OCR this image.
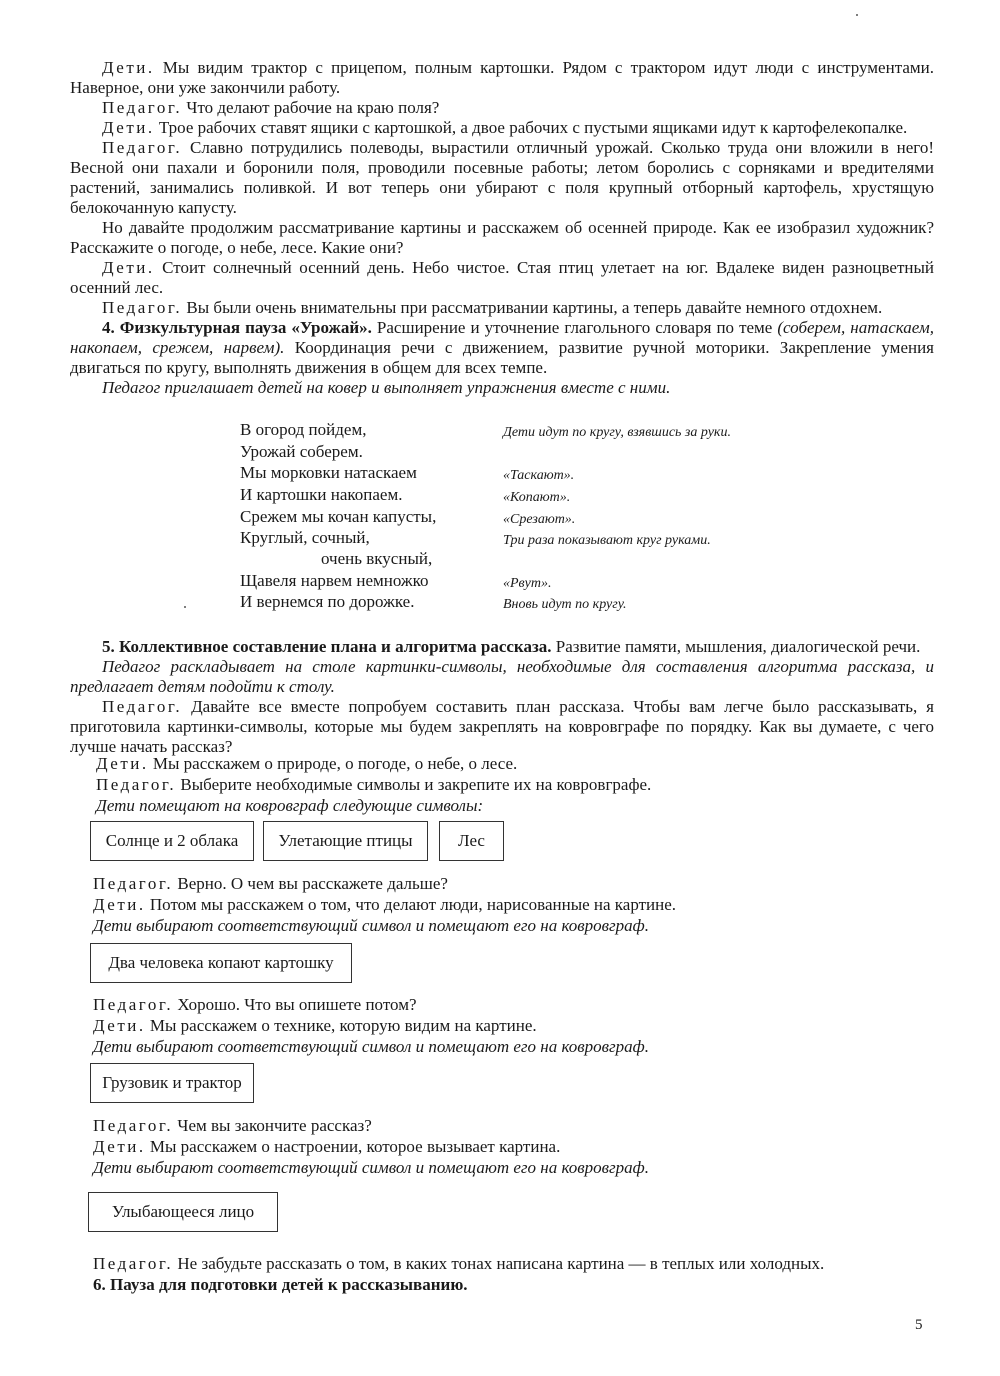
Дети. Мы видим трактор с прицепом, полным картошки. Рядом с трактором идут люди с инструментами. Наверное, они уже закончили работу.

Педагог. Что делают рабочие на краю поля?

Дети. Трое рабочих ставят ящики с картошкой, а двое рабочих с пустыми ящиками идут к картофелекопалке.

Педагог. Славно потрудились полеводы, вырастили отличный урожай. Сколько труда они вложили в него! Весной они пахали и боронили поля, проводили посевные работы; летом боролись с сорняками и вредителями растений, занимались поливкой. И вот теперь они убирают с поля крупный отборный картофель, хрустящую белокочанную капусту.

Но давайте продолжим рассматривание картины и расскажем об осенней природе. Как ее изобразил художник? Расскажите о погоде, о небе, лесе. Какие они?

Дети. Стоит солнечный осенний день. Небо чистое. Стая птиц улетает на юг. Вдалеке виден разноцветный осенний лес.

Педагог. Вы были очень внимательны при рассматривании картины, а теперь давайте немного отдохнем.

4. Физкультурная пауза «Урожай». Расширение и уточнение глагольного словаря по теме (соберем, натаскаем, накопаем, срежем, нарвем). Координация речи с движением, развитие ручной моторики. Закрепление умения двигаться по кругу, выполнять движения в общем для всех темпе.

Педагог приглашает детей на ковер и выполняет упражнения вместе с ними.

В огород пойдем,
Урожай соберем.
Мы морковки натаскаем
И картошки накопаем.
Срежем мы кочан капусты,
Круглый, сочный,
очень вкусный,
Щавеля нарвем немножко
И вернемся по дорожке.
Дети идут по кругу, взявшись за руки.
«Таскают».
«Копают».
«Срезают».
Три раза показывают круг руками.
«Рвут».
Вновь идут по кругу.

5. Коллективное составление плана и алгоритма рассказа. Развитие памяти, мышления, диалогической речи.

Педагог раскладывает на столе картинки-символы, необходимые для составления алгоритма рассказа, и предлагает детям подойти к столу.

Педагог. Давайте все вместе попробуем составить план рассказа. Чтобы вам легче было рассказывать, я приготовила картинки-символы, которые мы будем закреплять на ковровграфе по порядку. Как вы думаете, с чего лучше начать рассказ?

Дети. Мы расскажем о природе, о погоде, о небе, о лесе.
Педагог. Выберите необходимые символы и закрепите их на ковровграфе.
Дети помещают на ковровграф следующие символы:
Солнце и 2 облака	Улетающие птицы	Лес
Педагог. Верно. О чем вы расскажете дальше?
Дети. Потом мы расскажем о том, что делают люди, нарисованные на картине.
Дети выбирают соответствующий символ и помещают его на ковровграф.
Два человека копают картошку
Педагог. Хорошо. Что вы опишете потом?
Дети. Мы расскажем о технике, которую видим на картине.
Дети выбирают соответствующий символ и помещают его на ковровграф.
Грузовик и трактор
Педагог. Чем вы закончите рассказ?
Дети. Мы расскажем о настроении, которое вызывает картина.
Дети выбирают соответствующий символ и помещают его на ковровграф.
Улыбающееся лицо
Педагог. Не забудьте рассказать о том, в каких тонах написана картина — в теплых или холодных.
6. Пауза для подготовки детей к рассказыванию.
5
